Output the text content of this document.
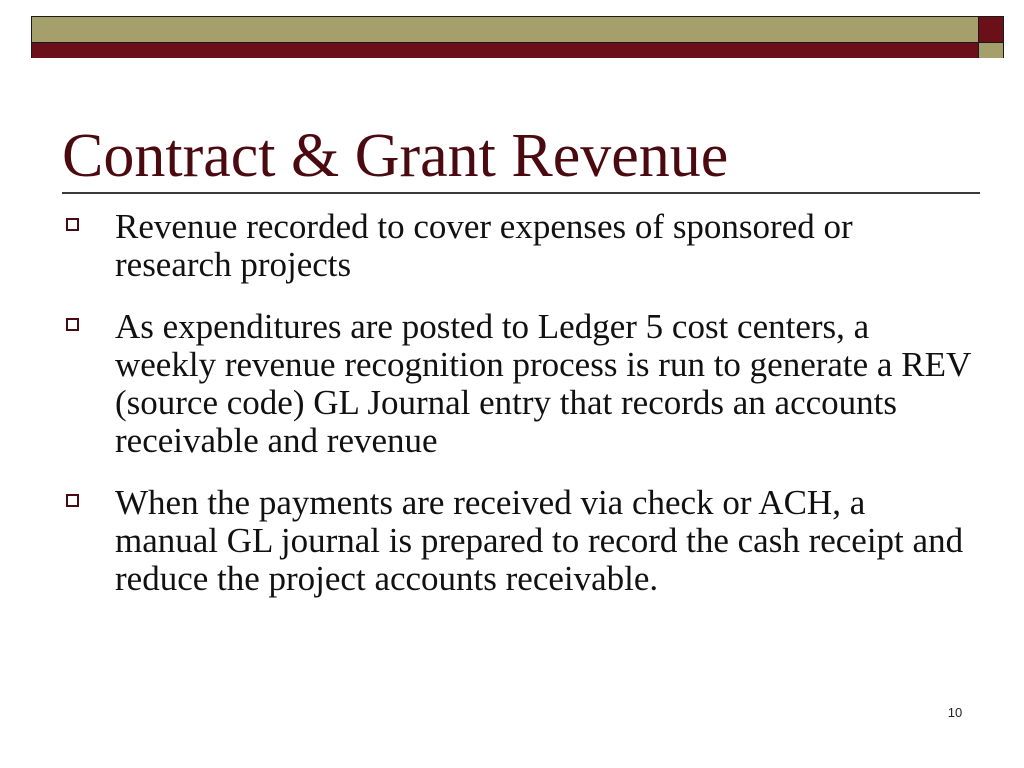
Contract & Grant Revenue
Revenue recorded to cover expenses of sponsored or research projects
As expenditures are posted to Ledger 5 cost centers, a weekly revenue recognition process is run to generate a REV (source code) GL Journal entry that records an accounts receivable and revenue
When the payments are received via check or ACH, a manual GL journal is prepared to record the cash receipt and reduce the project accounts receivable.
10
